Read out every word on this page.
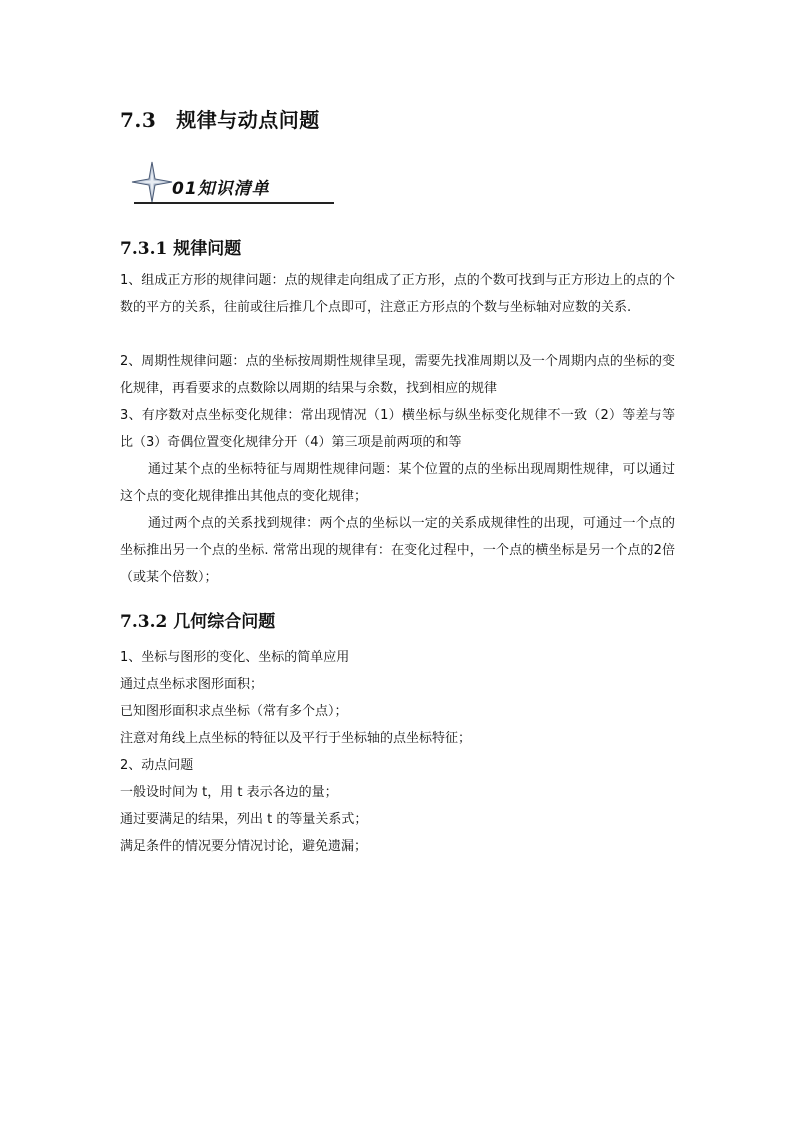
7.3 规律与动点问题
01知识清单
7.3.1 规律问题
1、组成正方形的规律问题：点的规律走向组成了正方形，点的个数可找到与正方形边上的点的个数的平方的关系，往前或往后推几个点即可，注意正方形点的个数与坐标轴对应数的关系.
2、周期性规律问题：点的坐标按周期性规律呈现，需要先找准周期以及一个周期内点的坐标的变化规律，再看要求的点数除以周期的结果与余数，找到相应的规律
3、有序数对点坐标变化规律：常出现情况（1）横坐标与纵坐标变化规律不一致（2）等差与等比（3）奇偶位置变化规律分开（4）第三项是前两项的和等
通过某个点的坐标特征与周期性规律问题：某个位置的点的坐标出现周期性规律，可以通过这个点的变化规律推出其他点的变化规律；
通过两个点的关系找到规律：两个点的坐标以一定的关系成规律性的出现，可通过一个点的坐标推出另一个点的坐标. 常常出现的规律有：在变化过程中，一个点的横坐标是另一个点的2倍（或某个倍数）；
7.3.2 几何综合问题
1、坐标与图形的变化、坐标的简单应用
通过点坐标求图形面积；
已知图形面积求点坐标（常有多个点）；
注意对角线上点坐标的特征以及平行于坐标轴的点坐标特征；
2、动点问题
一般设时间为 t，用 t 表示各边的量；
通过要满足的结果，列出 t 的等量关系式；
满足条件的情况要分情况讨论，避免遗漏；
